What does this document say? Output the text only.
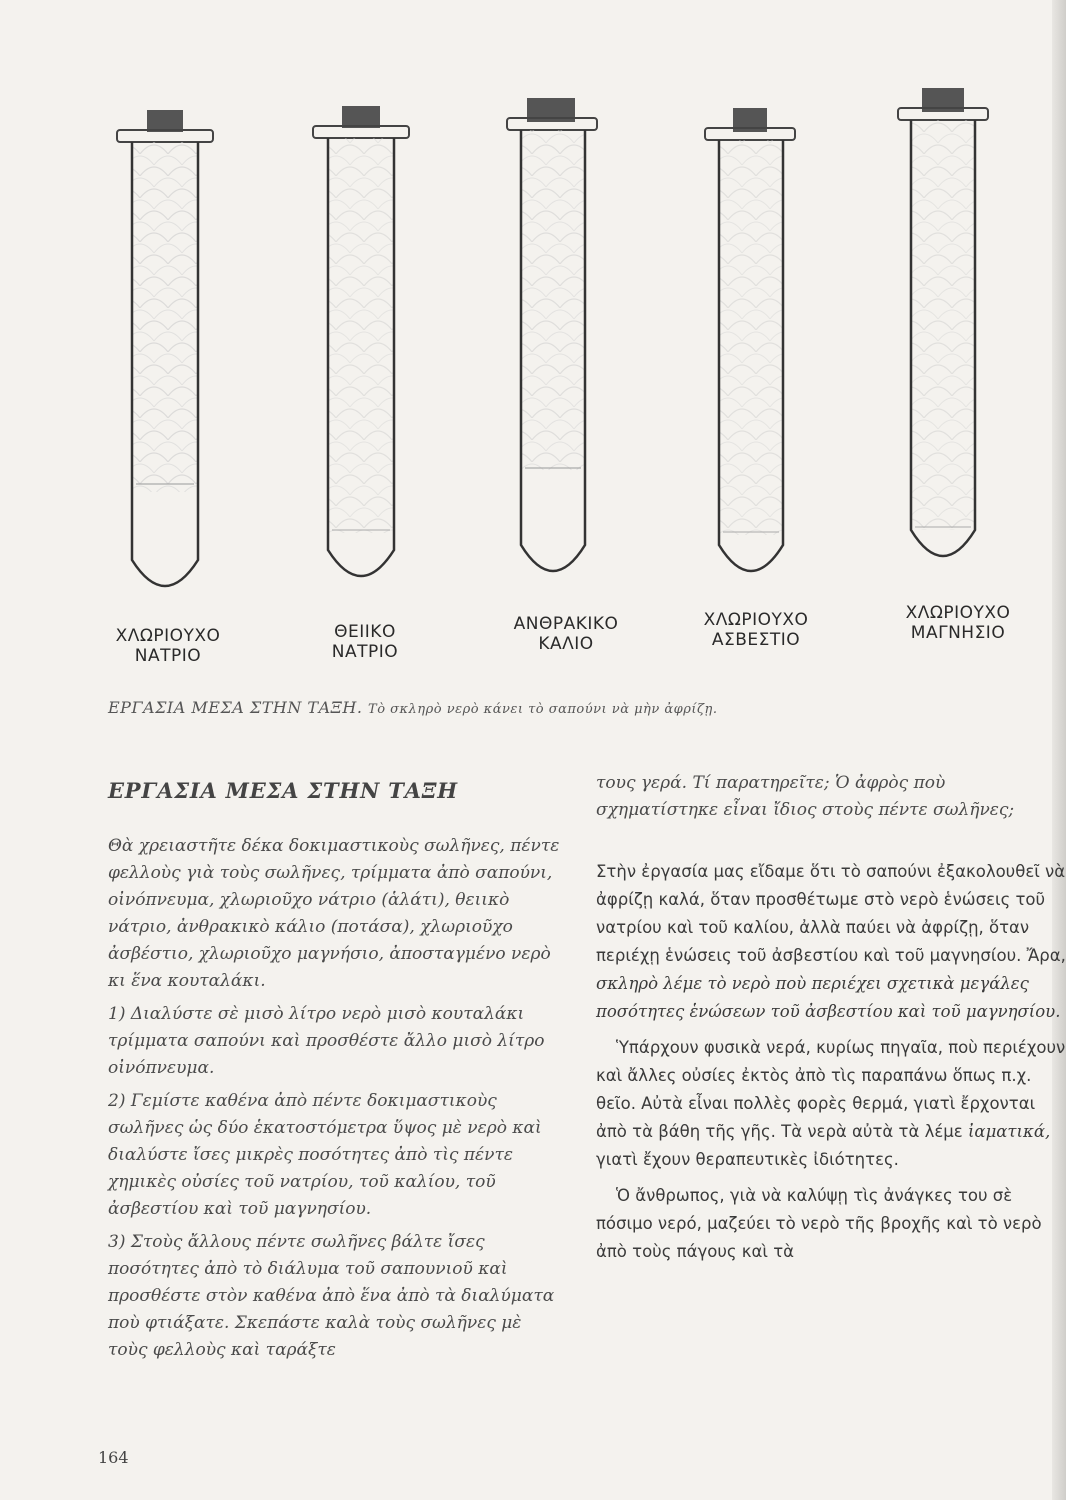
ΧΛΩΡΙΟΥΧΟ
ΝΑΤΡΙΟ
ΘΕΙΙΚΟ
ΝΑΤΡΙΟ
ΑΝΘΡΑΚΙΚΟ
ΚΑΛΙΟ
ΧΛΩΡΙΟΥΧΟ
ΑΣΒΕΣΤΙΟ
ΧΛΩΡΙΟΥΧΟ
ΜΑΓΝΗΣΙΟ
ΕΡΓΑΣΙΑ ΜΕΣΑ ΣΤΗΝ ΤΑΞΗ. Τὸ σκληρὸ νερὸ κάνει τὸ σαπούνι νὰ μὴν ἀφρίζῃ.
ΕΡΓΑΣΙΑ ΜΕΣΑ ΣΤΗΝ ΤΑΞΗ

Θὰ χρειαστῆτε δέκα δοκιμαστικοὺς σωλῆνες, πέντε φελλοὺς γιὰ τοὺς σωλῆνες, τρίμματα ἀπὸ σαπούνι, οἰνόπνευμα, χλωριοῦχο νάτριο (ἁλάτι), θειικὸ νάτριο, ἀνθρακικὸ κάλιο (ποτάσα), χλωριοῦχο ἀσβέστιο, χλωριοῦχο μαγνήσιο, ἀποσταγμένο νερὸ κι ἕνα κουταλάκι.

1) Διαλύστε σὲ μισὸ λίτρο νερὸ μισὸ κουταλάκι τρίμματα σαπούνι καὶ προσθέστε ἄλλο μισὸ λίτρο οἰνόπνευμα.

2) Γεμίστε καθένα ἀπὸ πέντε δοκιμαστικοὺς σωλῆνες ὡς δύο ἑκατοστόμετρα ὕψος μὲ νερὸ καὶ διαλύστε ἴσες μικρὲς ποσότητες ἀπὸ τὶς πέντε χημικὲς οὐσίες τοῦ νατρίου, τοῦ καλίου, τοῦ ἀσβεστίου καὶ τοῦ μαγνησίου.

3) Στοὺς ἄλλους πέντε σωλῆνες βάλτε ἴσες ποσότητες ἀπὸ τὸ διάλυμα τοῦ σαπουνιοῦ καὶ προσθέστε στὸν καθένα ἀπὸ ἕνα ἀπὸ τὰ διαλύματα ποὺ φτιάξατε. Σκεπάστε καλὰ τοὺς σωλῆνες μὲ τοὺς φελλοὺς καὶ ταράξτε

τους γερά. Τί παρατηρεῖτε; Ὁ ἀφρὸς ποὺ σχηματίστηκε εἶναι ἴδιος στοὺς πέντε σωλῆνες;

Στὴν ἐργασία μας εἴδαμε ὅτι τὸ σαπούνι ἐξακολουθεῖ νὰ ἀφρίζῃ καλά, ὅταν προσθέτωμε στὸ νερὸ ἑνώσεις τοῦ νατρίου καὶ τοῦ καλίου, ἀλλὰ παύει νὰ ἀφρίζῃ, ὅταν περιέχῃ ἑνώσεις τοῦ ἀσβεστίου καὶ τοῦ μαγνησίου. Ἄρα, σκληρὸ λέμε τὸ νερὸ ποὺ περιέχει σχετικὰ μεγάλες ποσότητες ἑνώσεων τοῦ ἀσβεστίου καὶ τοῦ μαγνησίου.

Ὑπάρχουν φυσικὰ νερά, κυρίως πηγαῖα, ποὺ περιέχουν καὶ ἄλλες οὐσίες ἐκτὸς ἀπὸ τὶς παραπάνω ὅπως π.χ. θεῖο. Αὐτὰ εἶναι πολλὲς φορὲς θερμά, γιατὶ ἔρχονται ἀπὸ τὰ βάθη τῆς γῆς. Τὰ νερὰ αὐτὰ τὰ λέμε ἰαματικά, γιατὶ ἔχουν θεραπευτικὲς ἰδιότητες.

Ὁ ἄνθρωπος, γιὰ νὰ καλύψῃ τὶς ἀνάγκες του σὲ πόσιμο νερό, μαζεύει τὸ νερὸ τῆς βροχῆς καὶ τὸ νερὸ ἀπὸ τοὺς πάγους καὶ τὰ

164
